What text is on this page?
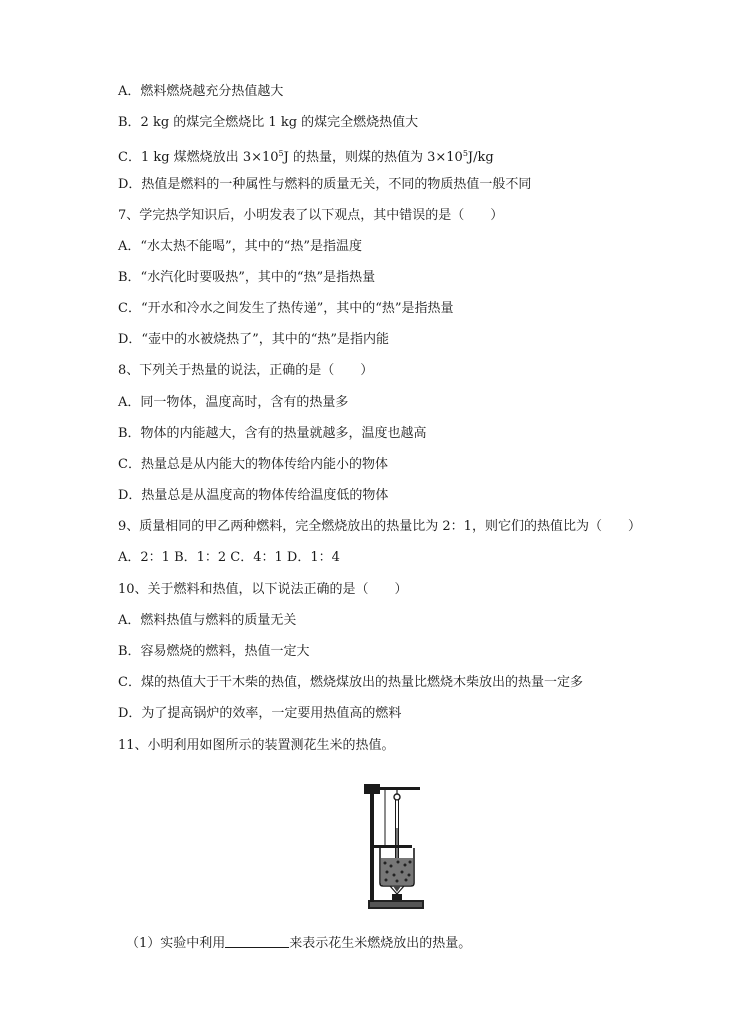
A．燃料燃烧越充分热值越大
B．2 kg 的煤完全燃烧比 1 kg 的煤完全燃烧热值大
C．1 kg 煤燃烧放出 $3\times 10^5J$ 的热量，则煤的热值为 $3\times 10^5J/kg$
D．热值是燃料的一种属性与燃料的质量无关，不同的物质热值一般不同
7、学完热学知识后，小明发表了以下观点，其中错误的是（　　）
A．“水太热不能喝”，其中的“热”是指温度
B．“水汽化时要吸热”，其中的“热”是指热量
C．“开水和冷水之间发生了热传递”，其中的“热”是指热量
D．“壶中的水被烧热了”，其中的“热”是指内能
8、下列关于热量的说法，正确的是（　　）
A．同一物体，温度高时，含有的热量多
B．物体的内能越大，含有的热量就越多，温度也越高
C．热量总是从内能大的物体传给内能小的物体
D．热量总是从温度高的物体传给温度低的物体
9、质量相同的甲乙两种燃料，完全燃烧放出的热量比为 2：1，则它们的热值比为（　　）
A．2：1 B．1：2 C．4：1 D．1：4
10、关于燃料和热值，以下说法正确的是（　　）
A．燃料热值与燃料的质量无关
B．容易燃烧的燃料，热值一定大
C．煤的热值大于干木柴的热值，燃烧煤放出的热量比燃烧木柴放出的热量一定多
D．为了提高锅炉的效率，一定要用热值高的燃料
11、小明利用如图所示的装置测花生米的热值。
（1）实验中利用	来表示花生米燃烧放出的热量。
